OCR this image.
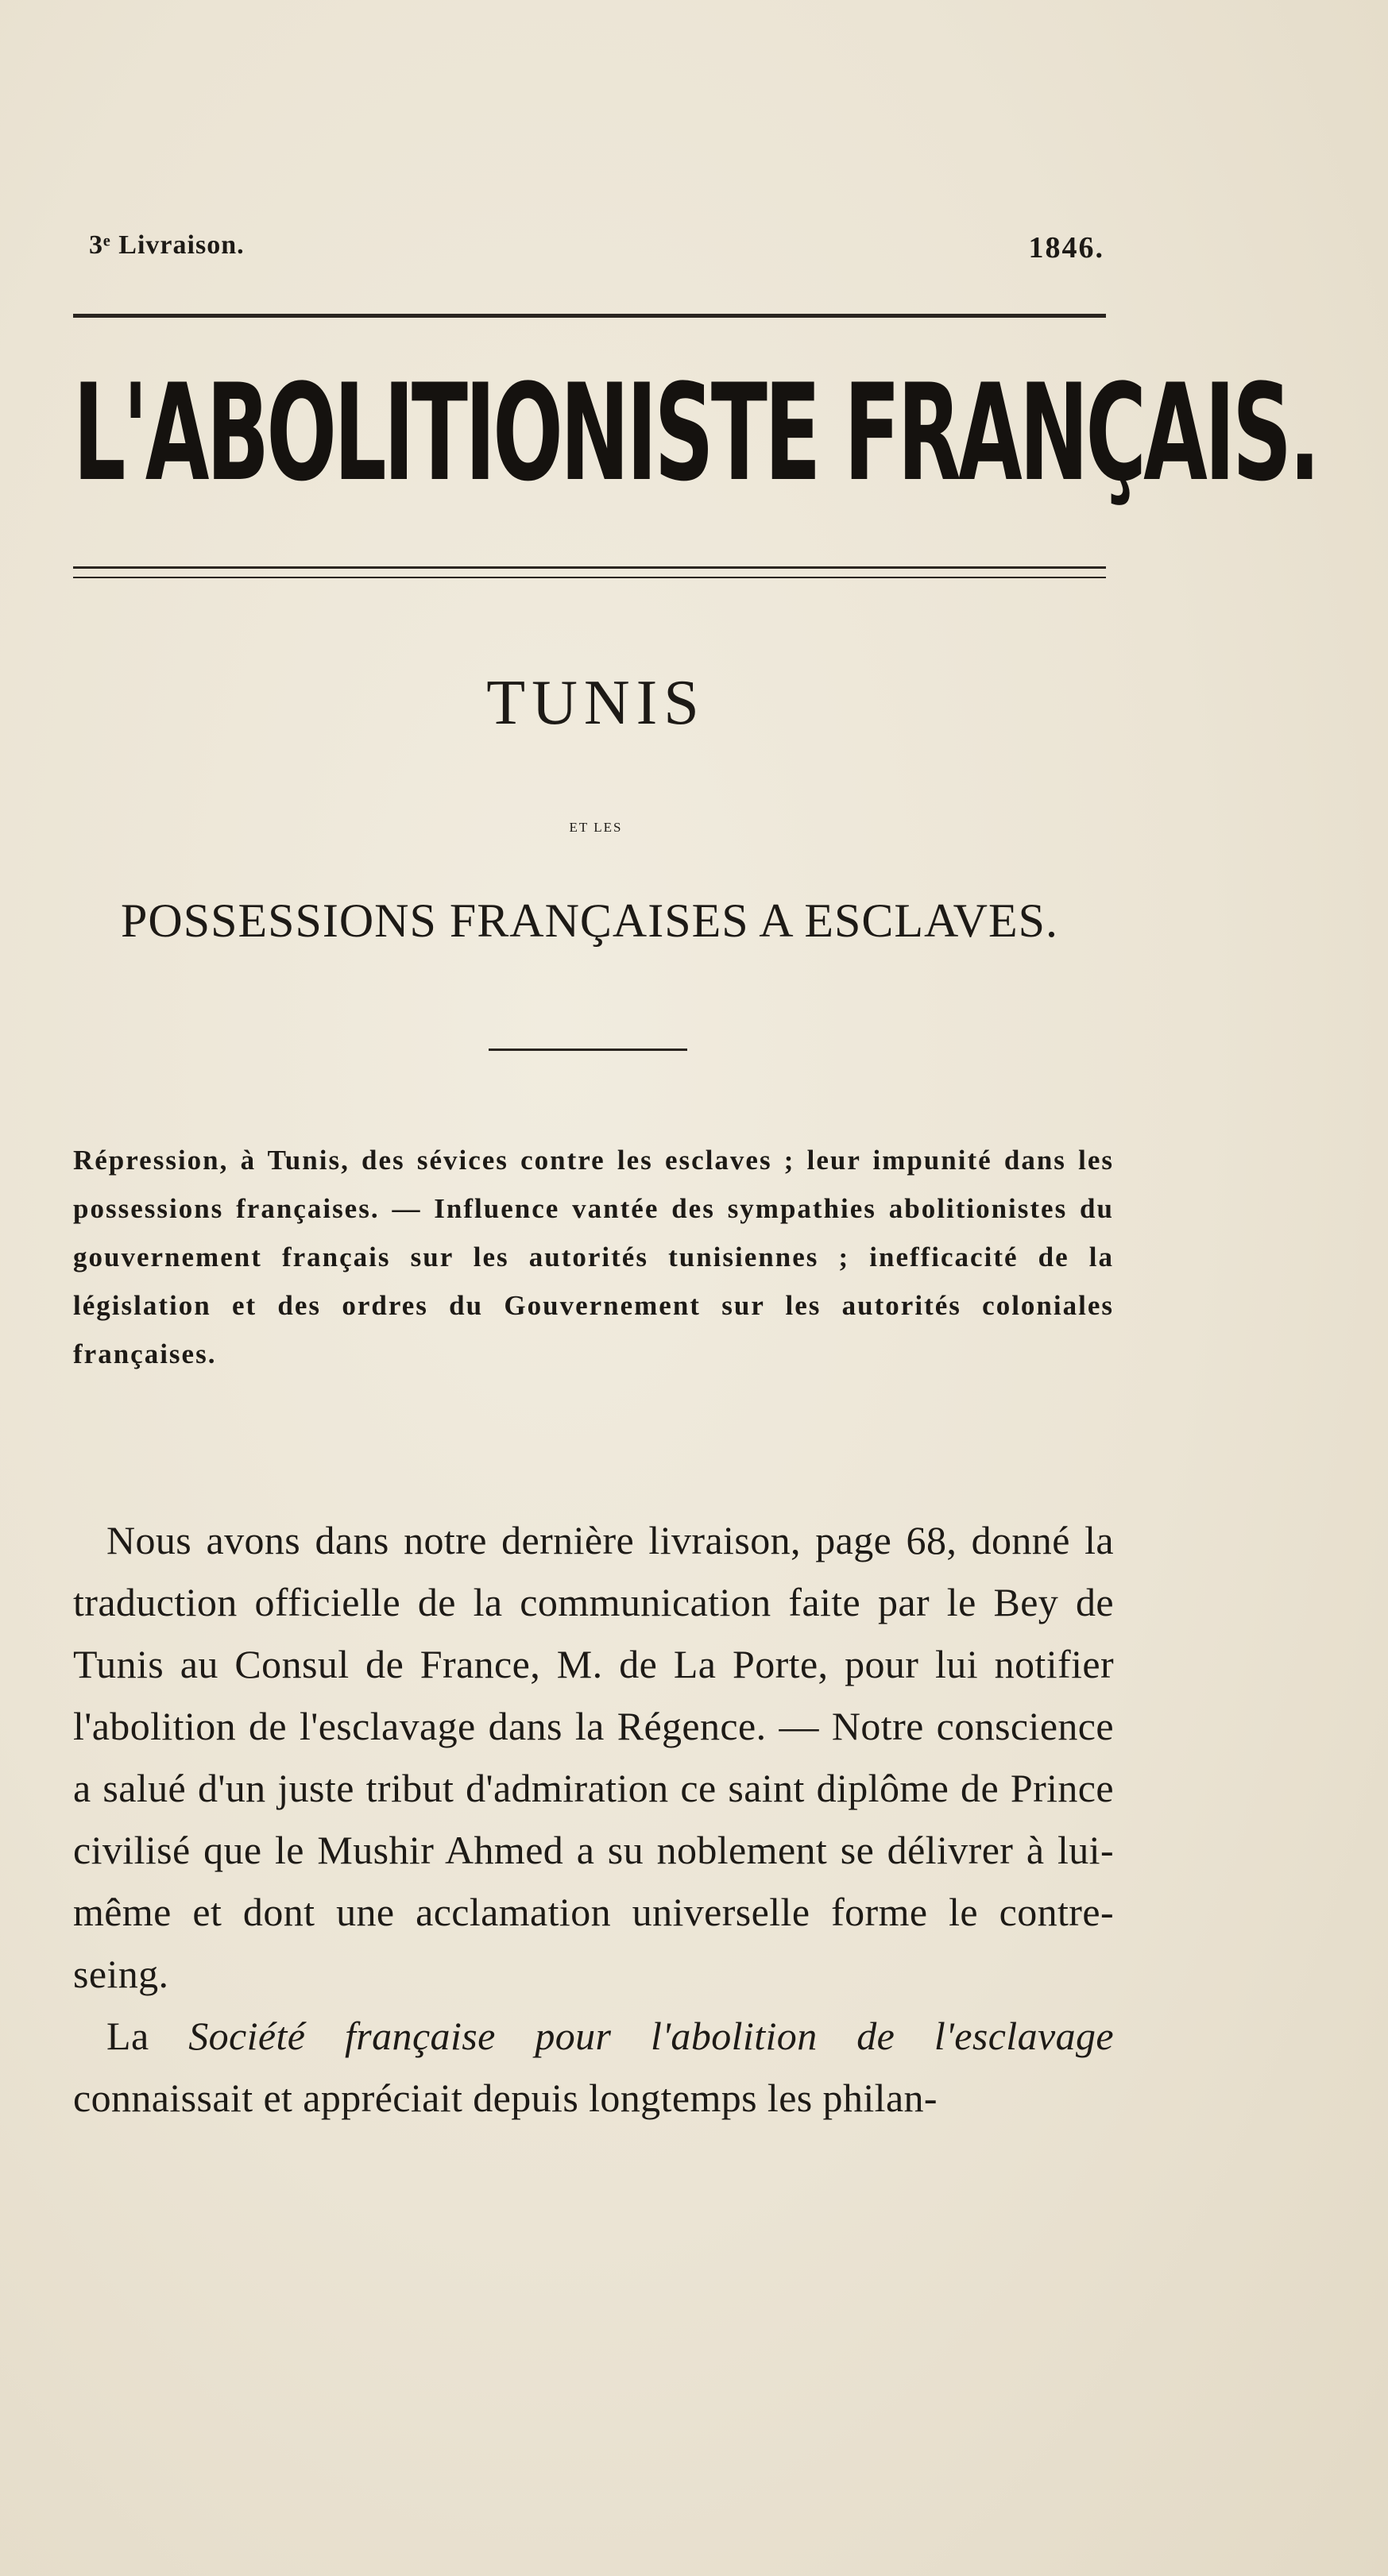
3ᵉ Livraison.	1846.
L'ABOLITIONISTE FRANÇAIS.
TUNIS
ET LES
POSSESSIONS FRANÇAISES A ESCLAVES.
Répression, à Tunis, des sévices contre les esclaves ; leur impunité dans les possessions françaises. — Influence vantée des sympathies abolitionistes du gouvernement français sur les autorités tunisiennes ; inefficacité de la législation et des ordres du Gouvernement sur les autorités coloniales françaises.

Nous avons dans notre dernière livraison, page 68, donné la traduction officielle de la communication faite par le Bey de Tunis au Consul de France, M. de La Porte, pour lui notifier l'abolition de l'esclavage dans la Régence. — Notre conscience a salué d'un juste tribut d'admiration ce saint diplôme de Prince civilisé que le Mushir Ahmed a su noblement se délivrer à lui-même et dont une acclamation universelle forme le contre-seing.

La Société française pour l'abolition de l'esclavage connaissait et appréciait depuis longtemps les philan-
